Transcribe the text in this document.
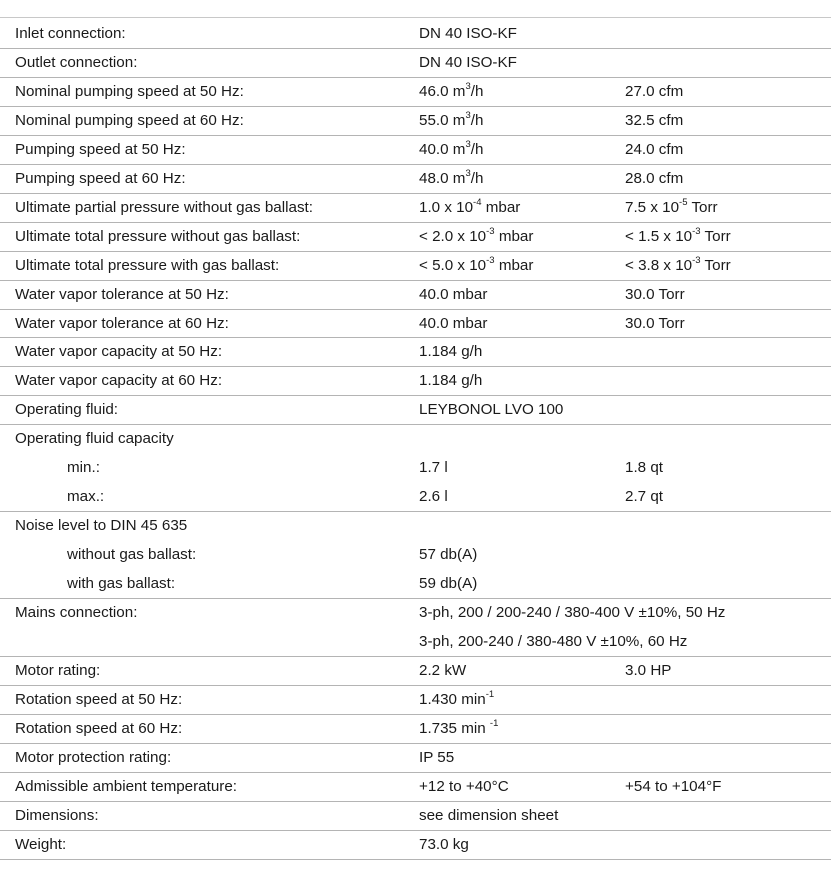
Inlet connection:	DN 40 ISO-KF
Outlet connection:	DN 40 ISO-KF
Nominal pumping speed at 50 Hz:	46.0 $m^3/h$	27.0 cfm
Nominal pumping speed at 60 Hz:	55.0 $m^3/h$	32.5 cfm
Pumping speed at 50 Hz:	40.0 $m^3/h$	24.0 cfm
Pumping speed at 60 Hz:	48.0 $m^3/h$	28.0 cfm
Ultimate partial pressure without gas ballast:	1.0 x $10^{-4}$ mbar	7.5 x $10^{-5}$ Torr
Ultimate total pressure without gas ballast:	< 2.0 x $10^{-3}$ mbar	< 1.5 x $10^{-3}$ Torr
Ultimate total pressure with gas ballast:	< 5.0 x $10^{-3}$ mbar	< 3.8 x $10^{-3}$ Torr
Water vapor tolerance at 50 Hz:	40.0 mbar	30.0 Torr
Water vapor tolerance at 60 Hz:	40.0 mbar	30.0 Torr
Water vapor capacity at 50 Hz:	1.184 g/h
Water vapor capacity at 60 Hz:	1.184 g/h
Operating fluid:	LEYBONOL LVO 100
Operating fluid capacity
min.:	1.7 l	1.8 qt
max.:	2.6 l	2.7 qt
Noise level to DIN 45 635
without gas ballast:	57 db(A)
with gas ballast:	59 db(A)
Mains connection:	3-ph, 200 / 200-240 / 380-400 V ±10%, 50 Hz
3-ph, 200-240 / 380-480 V ±10%, 60 Hz
Motor rating:	2.2 kW	3.0 HP
Rotation speed at 50 Hz:	1.430 $\min^{-1}$
Rotation speed at 60 Hz:	1.735 min $^{-1}$
Motor protection rating:	IP 55
Admissible ambient temperature:	+12 to +40°C	+54 to +104°F
Dimensions:	see dimension sheet
Weight:	73.0 kg
